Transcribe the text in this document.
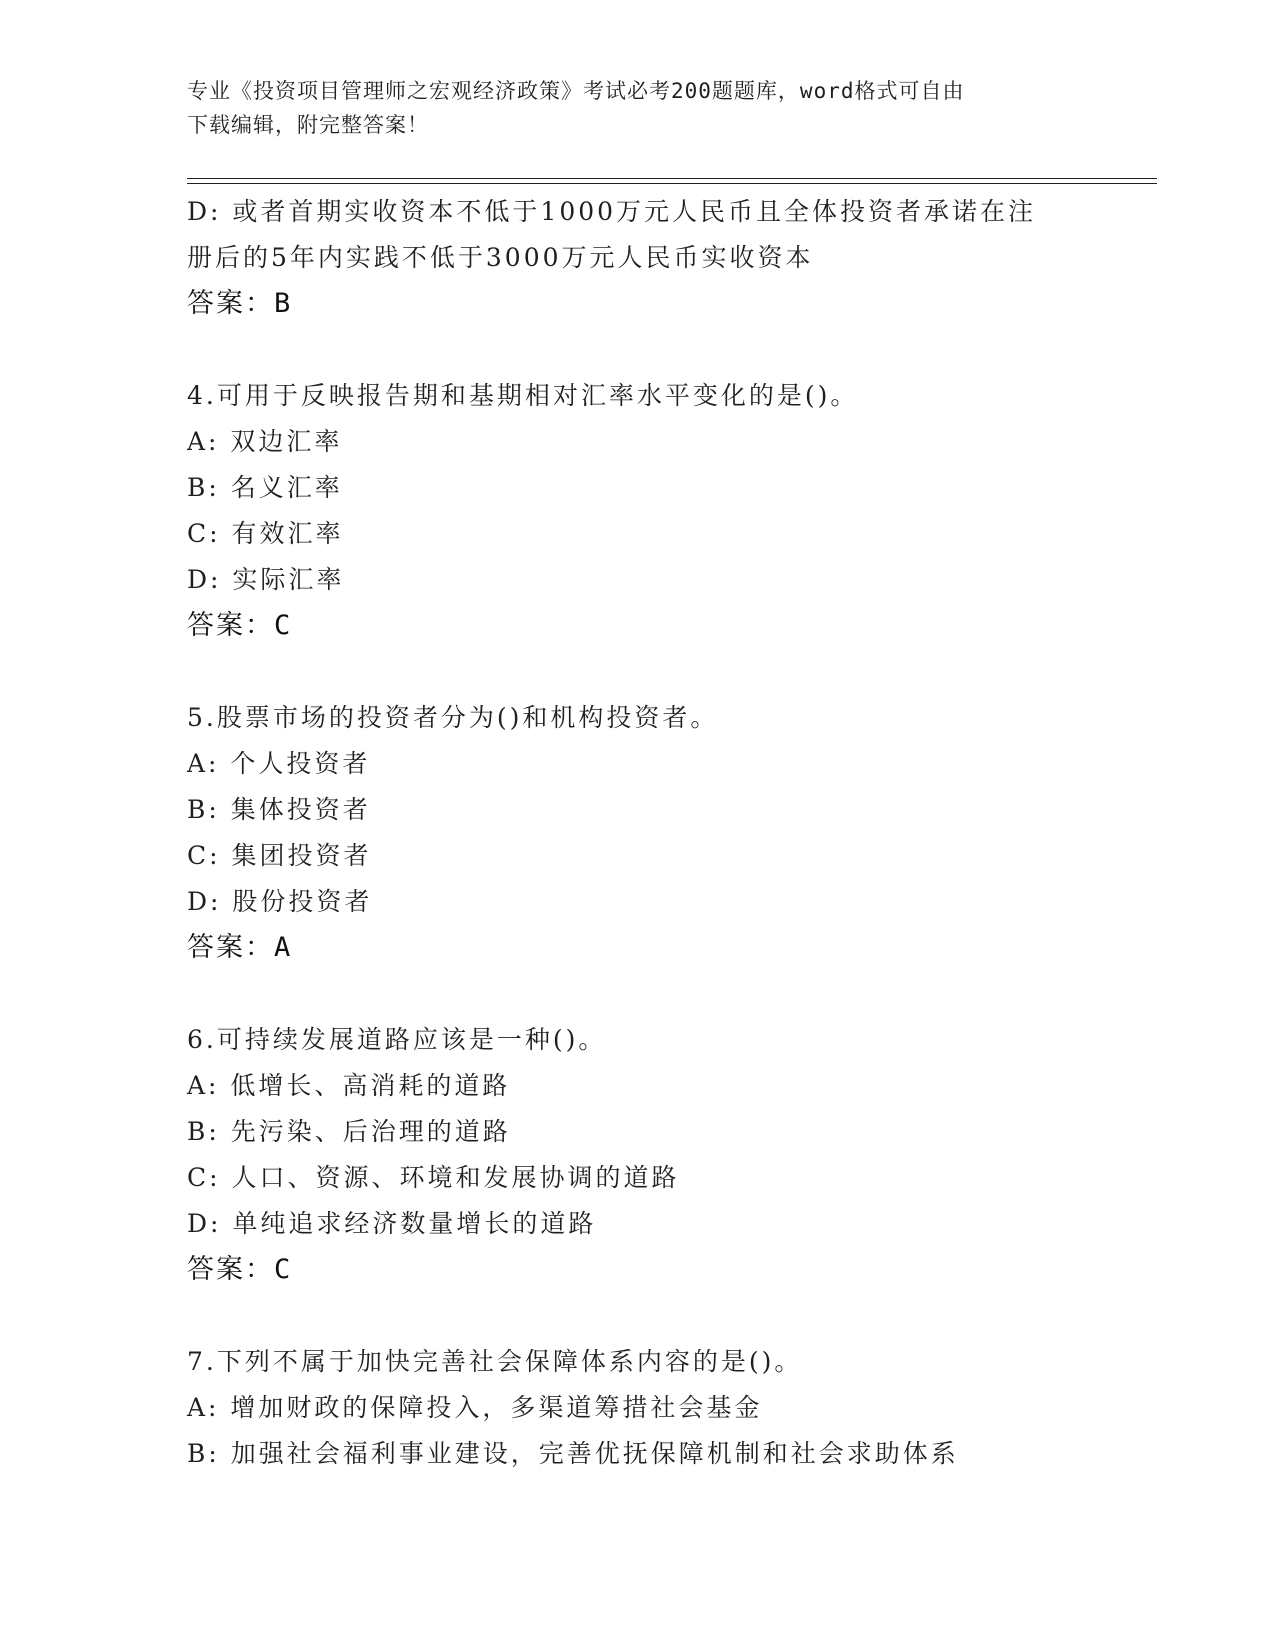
专业《投资项目管理师之宏观经济政策》考试必考200题题库，word格式可自由
下载编辑，附完整答案！
D: 或者首期实收资本不低于1000万元人民币且全体投资者承诺在注
册后的5年内实践不低于3000万元人民币实收资本
答案：B
4.可用于反映报告期和基期相对汇率水平变化的是()。
A: 双边汇率
B: 名义汇率
C: 有效汇率
D: 实际汇率
答案：C
5.股票市场的投资者分为()和机构投资者。
A: 个人投资者
B: 集体投资者
C: 集团投资者
D: 股份投资者
答案：A
6.可持续发展道路应该是一种()。
A: 低增长、高消耗的道路
B: 先污染、后治理的道路
C: 人口、资源、环境和发展协调的道路
D: 单纯追求经济数量增长的道路
答案：C
7.下列不属于加快完善社会保障体系内容的是()。
A: 增加财政的保障投入，多渠道筹措社会基金
B: 加强社会福利事业建设，完善优抚保障机制和社会求助体系
